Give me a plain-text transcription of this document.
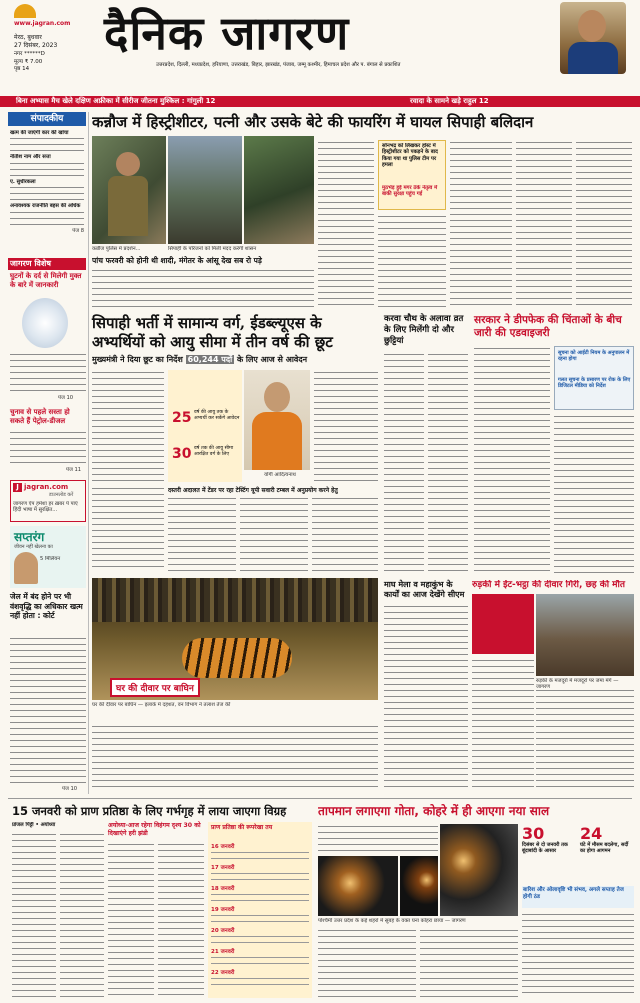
www.jagran.com
मेरठ, बुधवार
27 दिसंबर, 2023
नगर ******D
मूल्य ₹ 7.00
पृष्ठ 14
दैनिक जागरण
उत्तरप्रदेश, दिल्ली, मध्यप्रदेश, हरियाणा, उत्तराखंड, बिहार, झारखंड, पंजाब, जम्मू कश्मीर, हिमाचल प्रदेश और प. बंगाल से प्रकाशित
बिना अभ्यास मैच खेले दक्षिण अफ्रीका में सीरीज जीतना मुश्किल : गांगुली 12	रवादा के सामने खड़े राहुल 12
संपादकीय
खत्म की जाएंगी कार की खांचा
नीतीश नाम और सत्ता
ए. सुधीरकला
अनावश्यक राजनीति बहस की अधिक
पेज 8
जागरण विशेष
घुटनों के दर्द से मिलेगी मुक्त के बारे में जानकारी
पेज 10
चुनाव से पहले सस्ता हो सकते हैं पेट्रोल-डीजल
पेज 11
J jagran.com
डाउनलोड करें
जागरण ऐप हमेशा हर ख़बर पे पाएं हिंदी भाषा में सुरक्षित...
सप्तरंग
जीवन नहीं खेलना का
5 मिलियन
जेल में बंद होने पर भी वंशवृद्धि का अधिकार खत्म नहीं होता : कोर्ट
पेज 10
कन्नौज में हिस्ट्रीशीटर, पत्नी और उसके बेटे की फायरिंग में घायल सिपाही बलिदान
कन्नौज पुलिस में प्रदर्शन...	सिपाही के परिजनों को मिली मदद करेगी शासन
पांच फरवरी को होनी थी शादी, मंगेतर के आंसू देख सब रो पड़े
सोनभद्र को लिखकर होस्ट में हिस्ट्रीशीटर को पकड़ने के बाद किया गया था पुलिस टीम पर हमला
मुठभेड़ हुई मगर ठेके नेतृत्व में बाकी सुरक्षा पहुंच गई
सिपाही भर्ती में सामान्य वर्ग, ईडब्ल्यूएस के अभ्यर्थियों को आयु सीमा में तीन वर्ष की छूट
मुख्यमंत्री ने दिया छूट का निर्देश 60,244 पदों के लिए आज से आवेदन
25 वर्ष की आयु तक के अभ्यर्थी कर सकेंगे आवेदन
30 वर्ष तक की आयु सीमा आरक्षित वर्ग के लिए
योगी आदित्यनाथ
दस्तरी अदालत में टेंडर पर रहा टेस्टिंग यूपी सवारी टम्बल में अनुप्रयोग करने हेतु
घर की दीवार पर बाघिन
घर की दीवार पर बाघिन — इलाके में दहशत, वन विभाग ने तलाश तेज की
करवा चौथ के अलावा व्रत के लिए मिलेंगी दो और छुट्टियां
सरकार ने डीपफेक की चिंताओं के बीच जारी की एडवाइजरी
सूचना को आईटी नियम के अनुपालन में रहना होगा
गलत सूचना के प्रसारण पर रोक के लिए डिजिटल मीडिया को निर्देश
माघ मेला व महाकुंभ के कार्यों का आज देखेंगे सीएम
रुड़की में ईंट-भट्ठा की दीवार गिरी, छह की मौत
रुड़की के मजदूरों में मजदूरों पर जमा मंगे —
15 जनवरी को प्राण प्रतिष्ठा के लिए गर्भगृह में लाया जाएगा विग्रह
प्रांजल पिट्टी • अयोध्या	अयोध्या-आज रहेगा विहंगम दृश्य 30 को दिखाएंगे हरी झंडी
प्राण प्रतिष्ठा की रूपरेखा तय
16 जनवरी
17 जनवरी
18 जनवरी
19 जनवरी
20 जनवरी
21 जनवरी
22 जनवरी
तापमान लगाएगा गोता, कोहरे में ही आएगा नया साल
पश्चिमी उत्तर प्रदेश के कई शहरों में सुबह के वक्त घना कोहरा छाया — जागरण
30
दिसंबर से दो जनवरी तक बूंदाबांदी के आसार
24
घंटे में मौसम बदलेगा, सर्दी का होगा आगमन
बारिश और ओलावृष्टि भी संभव, अगले सप्ताह तेज होगी ठंड
